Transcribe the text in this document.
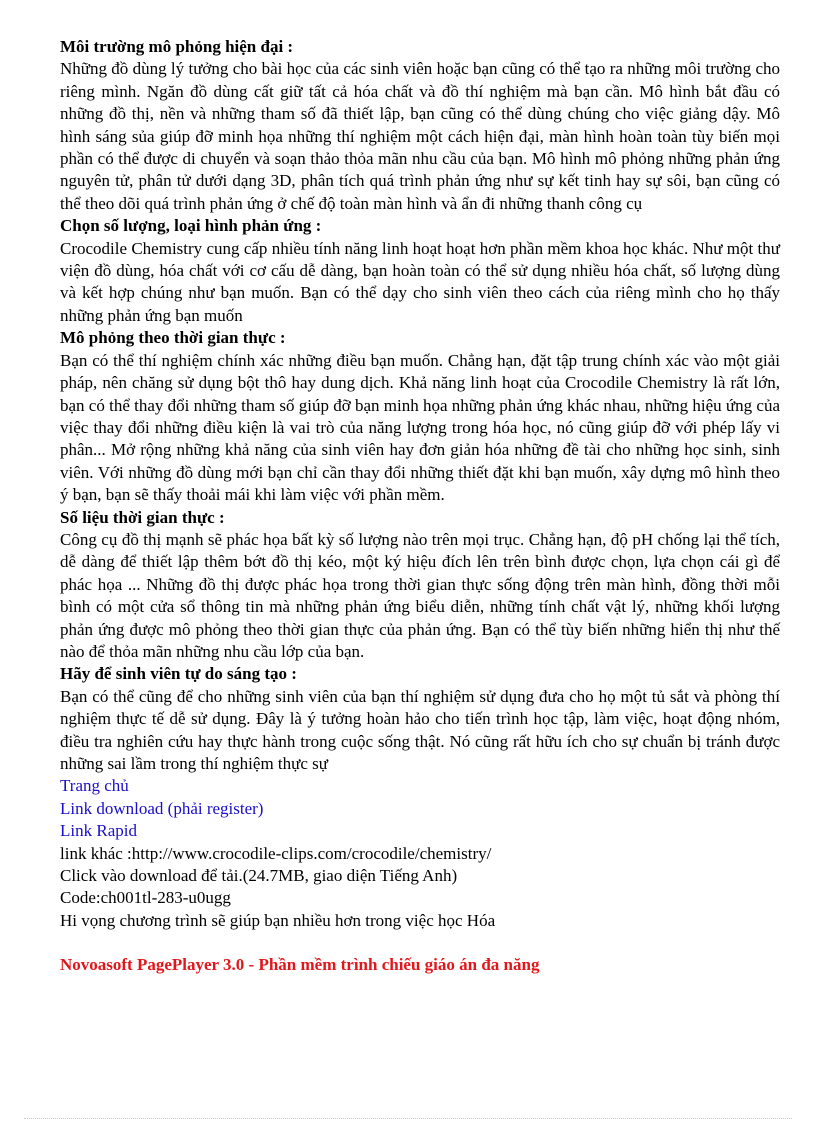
Môi trường mô phỏng hiện đại :

Những đồ dùng lý tưởng cho bài học của các sinh viên hoặc bạn cũng có thể tạo ra những môi trường cho riêng mình. Ngăn đồ dùng cất giữ tất cả hóa chất và đồ thí nghiệm mà bạn cần. Mô hình bắt đầu có những đồ thị, nền và những tham số đã thiết lập, bạn cũng có thể dùng chúng cho việc giảng dậy. Mô hình sáng sủa giúp đỡ minh họa những thí nghiệm một cách hiện đại, màn hình hoàn toàn tùy biến mọi phần có thể được di chuyển và soạn thảo thỏa mãn nhu cầu của bạn. Mô hình mô phỏng những phản ứng nguyên tử, phân tử dưới dạng 3D, phân tích quá trình phản ứng như sự kết tinh hay sự sôi, bạn cũng có thể theo dõi quá trình phản ứng ở chế độ toàn màn hình và ẩn đi những thanh công cụ

Chọn số lượng, loại hình phản ứng :

Crocodile Chemistry cung cấp nhiều tính năng linh hoạt hoạt hơn phần mềm khoa học khác. Như một thư viện đồ dùng, hóa chất với cơ cấu dễ dàng, bạn hoàn toàn có thể sử dụng nhiều hóa chất, số lượng dùng và kết hợp chúng như bạn muốn. Bạn có thể dạy cho sinh viên theo cách của riêng mình cho họ thấy những phản ứng bạn muốn

Mô phỏng theo thời gian thực :

Bạn có thể thí nghiệm chính xác những điều bạn muốn. Chẳng hạn, đặt tập trung chính xác vào một giải pháp, nên chăng sử dụng bột thô hay dung dịch. Khả năng linh hoạt của Crocodile Chemistry là rất lớn, bạn có thể thay đổi những tham số giúp đỡ bạn minh họa những phản ứng khác nhau, những hiệu ứng của việc thay đổi những điều kiện là vai trò của năng lượng trong hóa học, nó cũng giúp đỡ với phép lấy vi phân... Mở rộng những khả năng của sinh viên hay đơn giản hóa những đề tài cho những học sinh, sinh viên. Với những đồ dùng mới bạn chỉ cần thay đổi những thiết đặt khi bạn muốn, xây dựng mô hình theo ý bạn, bạn sẽ thấy thoải mái khi làm việc với phần mềm.

Số liệu thời gian thực :

Công cụ đồ thị mạnh sẽ phác họa bất kỳ số lượng nào trên mọi trục. Chẳng hạn, độ pH chống lại thể tích, dễ dàng để thiết lập thêm bớt đồ thị kéo, một ký hiệu đích lên trên bình được chọn, lựa chọn cái gì để phác họa ... Những đồ thị được phác họa trong thời gian thực sống động trên màn hình, đồng thời mỗi bình có một cửa sổ thông tin mà những phản ứng biểu diễn, những tính chất vật lý, những khối lượng phản ứng được mô phỏng theo thời gian thực của phản ứng. Bạn có thể tùy biến những hiển thị như thế nào để thỏa mãn những nhu cầu lớp của bạn.

Hãy để sinh viên tự do sáng tạo :

Bạn có thể cũng để cho những sinh viên của bạn thí nghiệm sử dụng đưa cho họ một tủ sắt và phòng thí nghiệm thực tế dễ sử dụng. Đây là ý tưởng hoàn hảo cho tiến trình học tập, làm việc, hoạt động nhóm, điều tra nghiên cứu hay thực hành trong cuộc sống thật. Nó cũng rất hữu ích cho sự chuẩn bị tránh được những sai lầm trong thí nghiệm thực sự

Trang chủ
Link download (phải register)
Link Rapid
link khác :http://www.crocodile-clips.com/crocodile/chemistry/
Click vào download để tải.(24.7MB, giao diện Tiếng Anh)
Code:ch001tl-283-u0ugg
Hi vọng chương trình sẽ giúp bạn nhiều hơn trong việc học Hóa
Novoasoft PagePlayer 3.0 - Phần mềm trình chiếu giáo án đa năng
